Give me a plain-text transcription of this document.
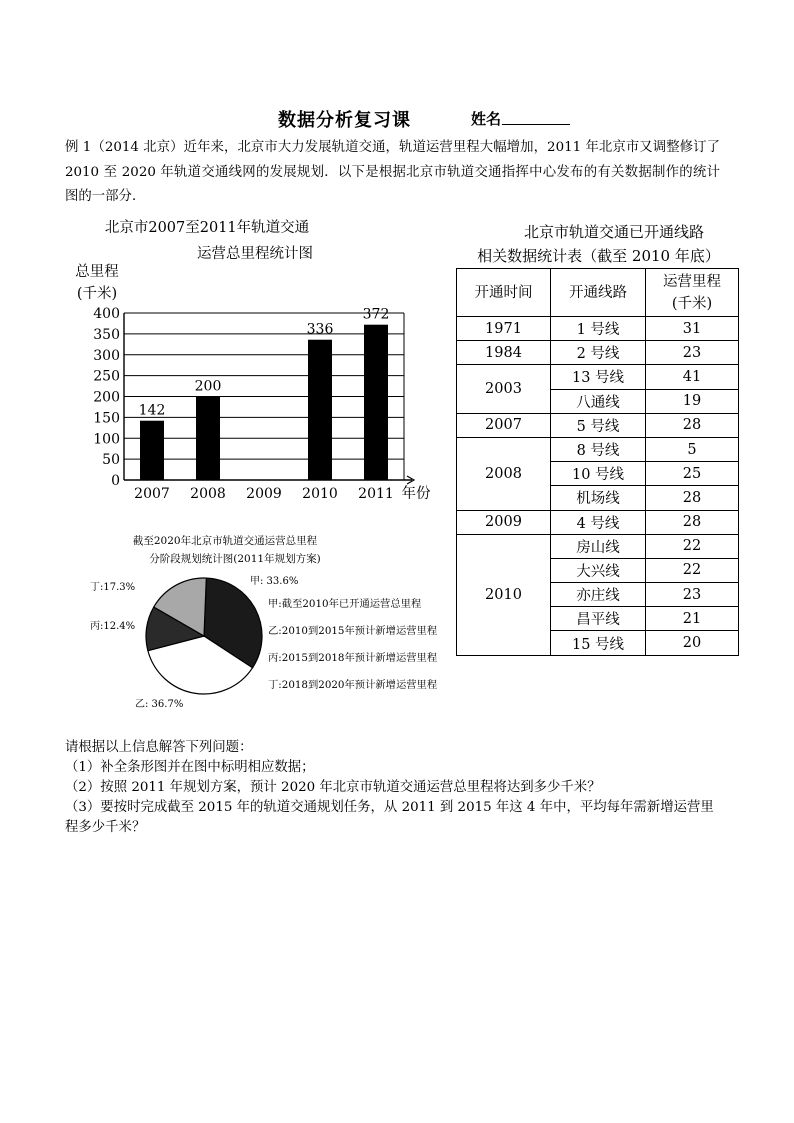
数据分析复习课	姓名
例 1（2014 北京）近年来，北京市大力发展轨道交通，轨道运营里程大幅增加，2011 年北京市又调整修订了 2010 至 2020 年轨道交通线网的发展规划．以下是根据北京市轨道交通指挥中心发布的有关数据制作的统计图的一部分．
北京市2007至2011年轨道交通
运营总里程统计图
总里程
(千米)
年份
0
50
100
150
200
250
300
350
400
142
200
336
372
2007 2008 2009 2010 2011
截至2020年北京市轨道交通运营总里程
分阶段规划统计图(2011年规划方案)
甲: 33.6%
乙: 36.7%
丙:12.4%
丁:17.3%
甲:截至2010年已开通运营总里程
乙:2010到2015年预计新增运营里程
丙:2015到2018年预计新增运营里程
丁:2018到2020年预计新增运营里程
北京市轨道交通已开通线路
相关数据统计表（截至 2010 年底）
开通时间	开通线路	运营里程
(千米)

1971	1 号线	31
1984	2 号线	23
2003	13 号线	41
	八通线	19
2007	5 号线	28
2008	8 号线	5
	10 号线	25
	机场线	28
2009	4 号线	28
2010	房山线	22
	大兴线	22
	亦庄线	23
	昌平线	21
	15 号线	20
请根据以上信息解答下列问题：
（1）补全条形图并在图中标明相应数据；
（2）按照 2011 年规划方案，预计 2020 年北京市轨道交通运营总里程将达到多少千米？
（3）要按时完成截至 2015 年的轨道交通规划任务，从 2011 到 2015 年这 4 年中，平均每年需新增运营里
程多少千米？
